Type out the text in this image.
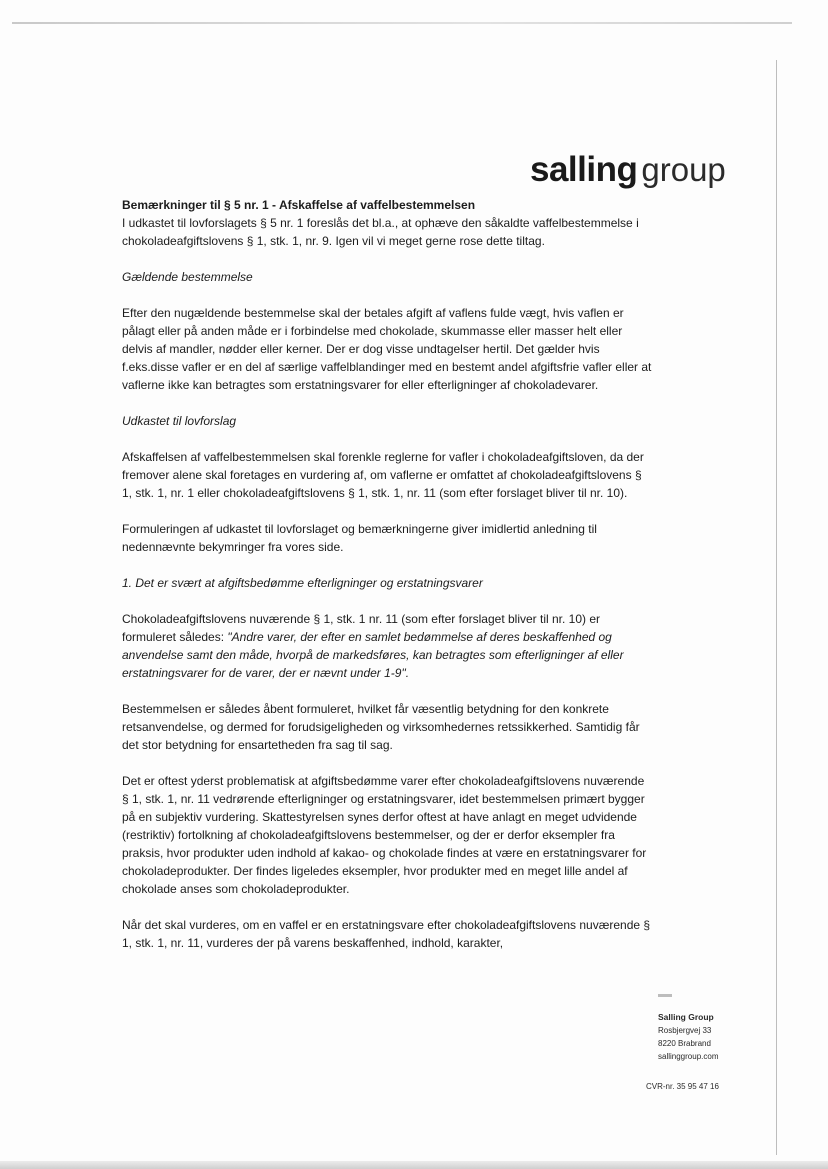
salling group

Bemærkninger til § 5 nr. 1 - Afskaffelse af vaffelbestemmelsen

I udkastet til lovforslagets § 5 nr. 1 foreslås det bl.a., at ophæve den såkaldte vaffelbestemmelse i chokoladeafgiftslovens § 1, stk. 1, nr. 9. Igen vil vi meget gerne rose dette tiltag.

Gældende bestemmelse

Efter den nugældende bestemmelse skal der betales afgift af vaflens fulde vægt, hvis vaflen er pålagt eller på anden måde er i forbindelse med chokolade, skummasse eller masser helt eller delvis af mandler, nødder eller kerner. Der er dog visse undtagelser hertil. Det gælder hvis f.eks.disse vafler er en del af særlige vaffelblandinger med en bestemt andel afgiftsfrie vafler eller at vaflerne ikke kan betragtes som erstatningsvarer for eller efterligninger af chokoladevarer.

Udkastet til lovforslag

Afskaffelsen af vaffelbestemmelsen skal forenkle reglerne for vafler i chokoladeafgiftsloven, da der fremover alene skal foretages en vurdering af, om vaflerne er omfattet af chokoladeafgiftslovens § 1, stk. 1, nr. 1 eller chokoladeafgiftslovens § 1, stk. 1, nr. 11 (som efter forslaget bliver til nr. 10).

Formuleringen af udkastet til lovforslaget og bemærkningerne giver imidlertid anledning til nedennævnte bekymringer fra vores side.

1. Det er svært at afgiftsbedømme efterligninger og erstatningsvarer

Chokoladeafgiftslovens nuværende § 1, stk. 1 nr. 11 (som efter forslaget bliver til nr. 10) er formuleret således: "Andre varer, der efter en samlet bedømmelse af deres beskaffenhed og anvendelse samt den måde, hvorpå de markedsføres, kan betragtes som efterligninger af eller erstatningsvarer for de varer, der er nævnt under 1-9".

Bestemmelsen er således åbent formuleret, hvilket får væsentlig betydning for den konkrete retsanvendelse, og dermed for forudsigeligheden og virksomhedernes retssikkerhed. Samtidig får det stor betydning for ensartetheden fra sag til sag.

Det er oftest yderst problematisk at afgiftsbedømme varer efter chokoladeafgiftslovens nuværende § 1, stk. 1, nr. 11 vedrørende efterligninger og erstatningsvarer, idet bestemmelsen primært bygger på en subjektiv vurdering. Skattestyrelsen synes derfor oftest at have anlagt en meget udvidende (restriktiv) fortolkning af chokoladeafgiftslovens bestemmelser, og der er derfor eksempler fra praksis, hvor produkter uden indhold af kakao- og chokolade findes at være en erstatningsvarer for chokoladeprodukter. Der findes ligeledes eksempler, hvor produkter med en meget lille andel af chokolade anses som chokoladeprodukter.

Når det skal vurderes, om en vaffel er en erstatningsvare efter chokoladeafgiftslovens nuværende § 1, stk. 1, nr. 11, vurderes der på varens beskaffenhed, indhold, karakter,

Salling Group
Rosbjergvej 33
8220 Brabrand
sallinggroup.com
CVR-nr. 35 95 47 16
